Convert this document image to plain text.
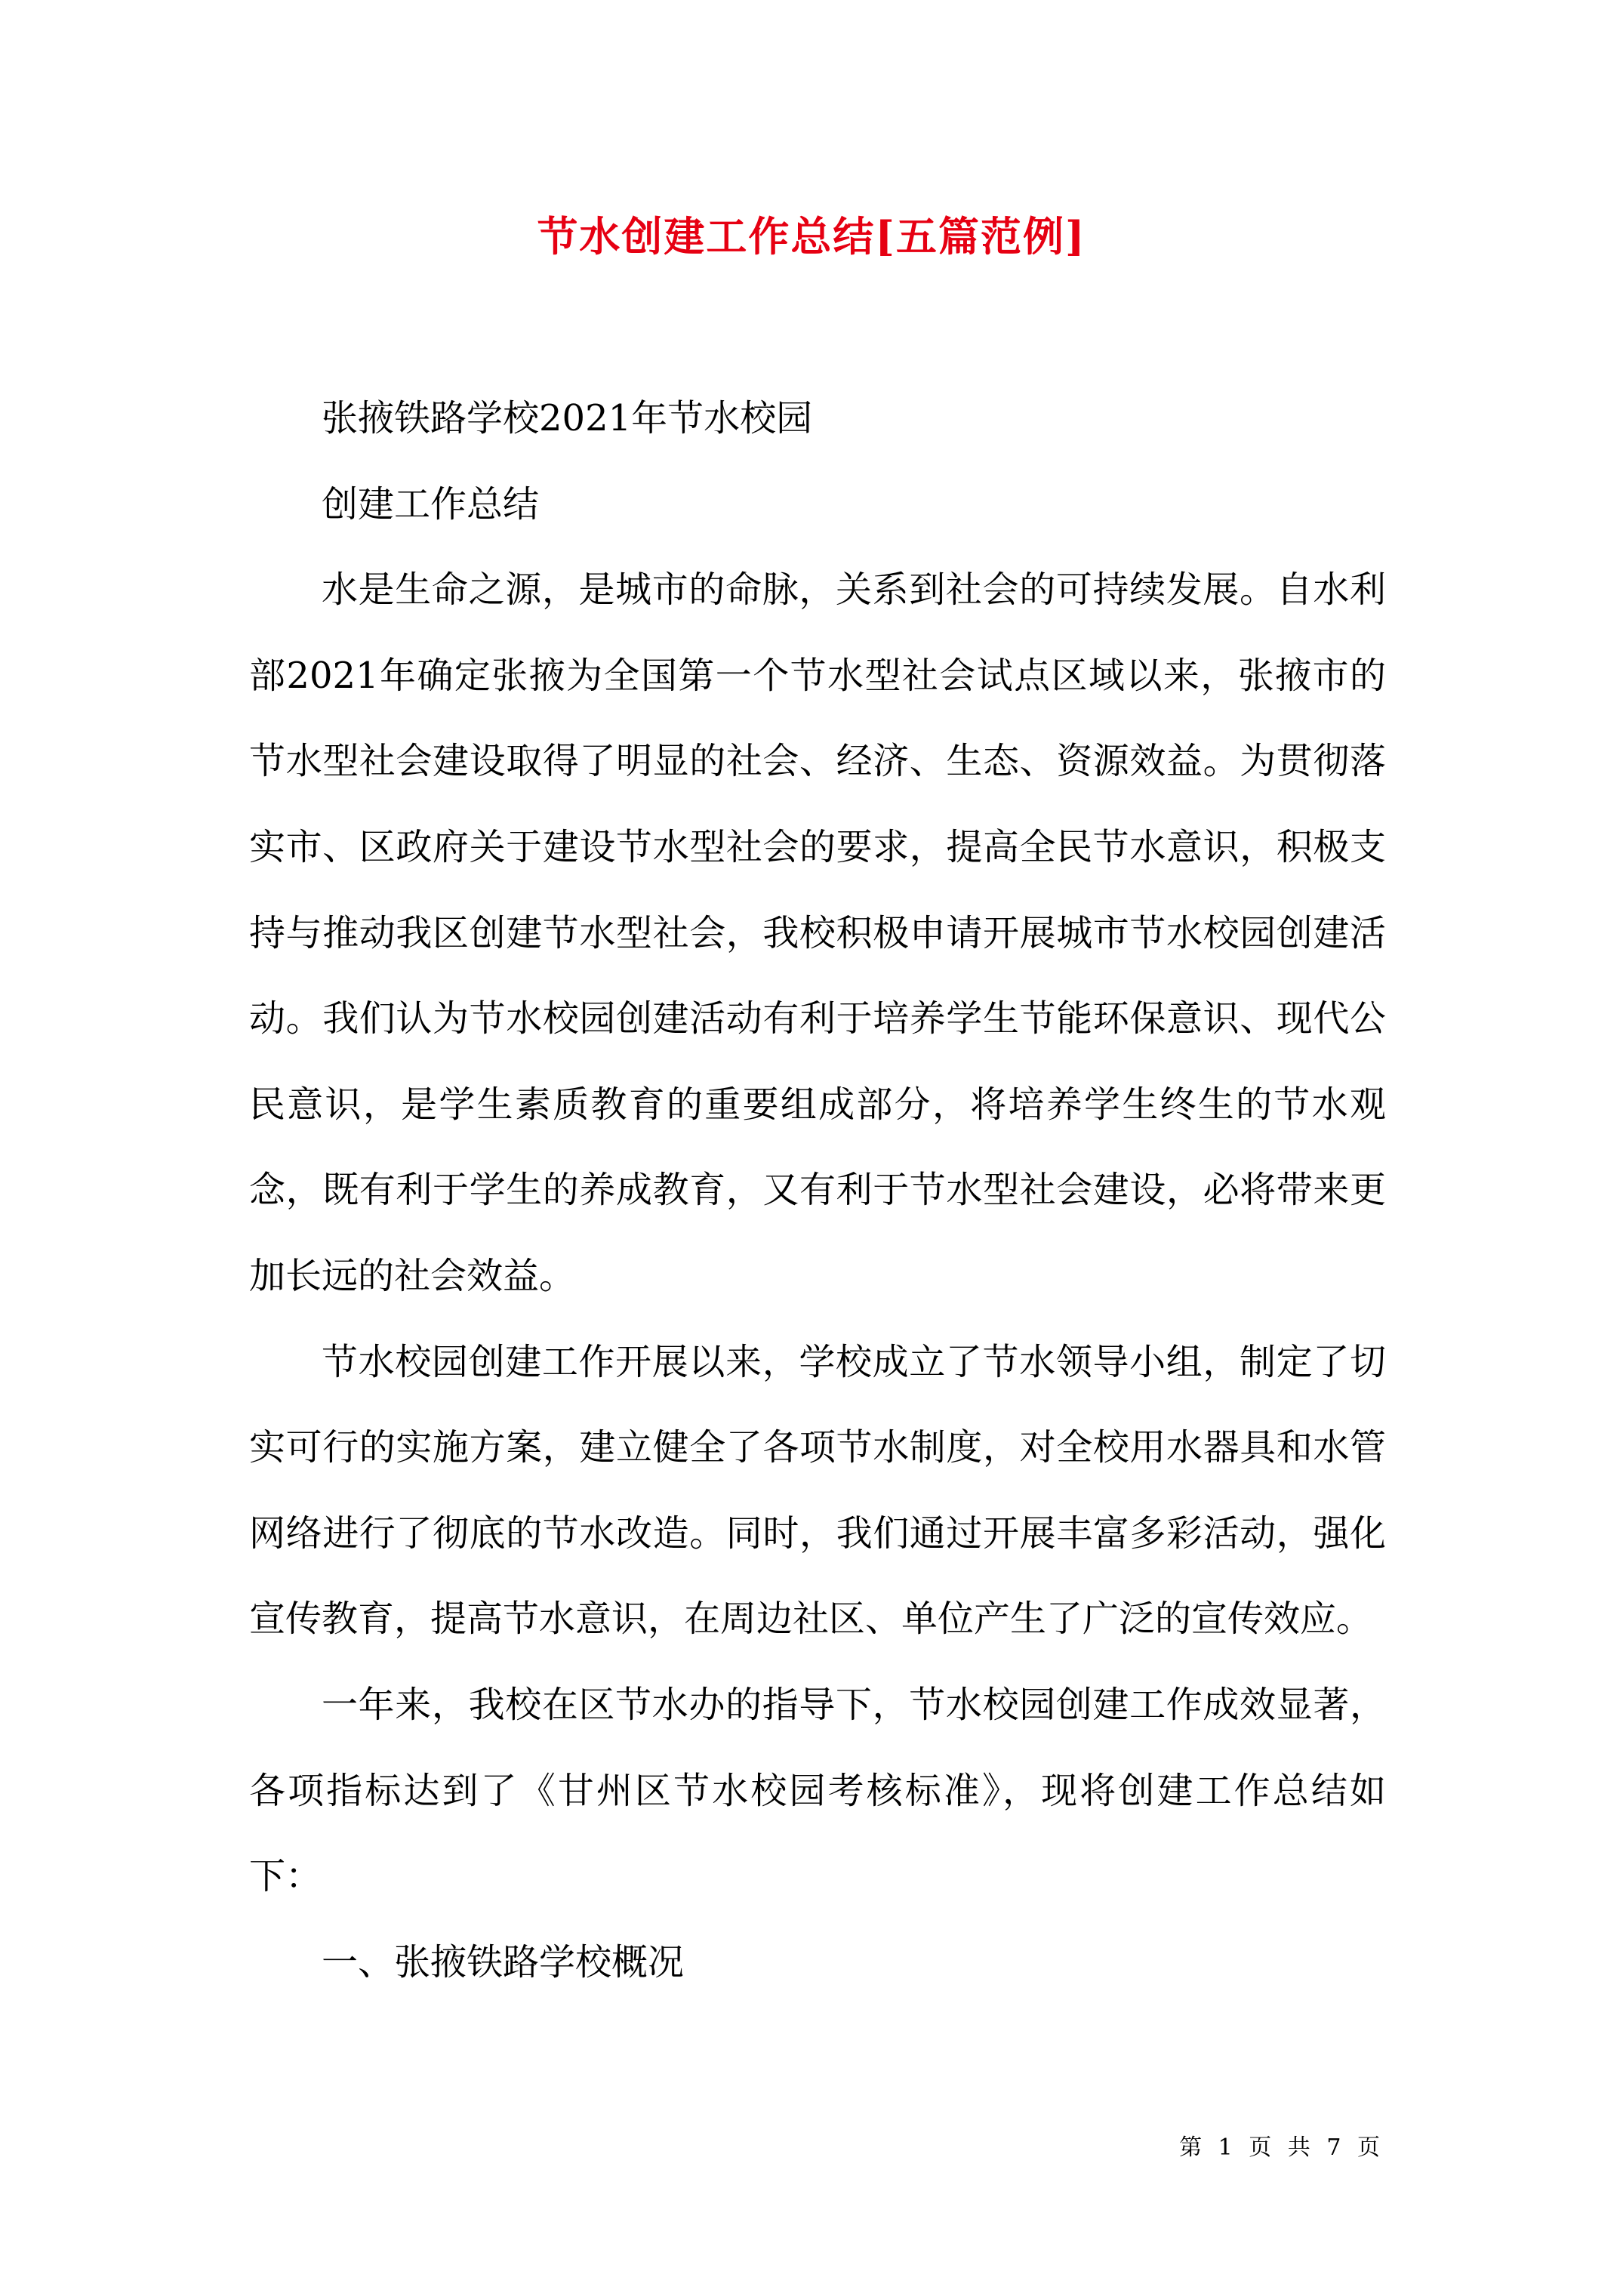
节水创建工作总结[五篇范例]

张掖铁路学校2021年节水校园

创建工作总结

水是生命之源，是城市的命脉，关系到社会的可持续发展。自水利部2021年确定张掖为全国第一个节水型社会试点区域以来，张掖市的节水型社会建设取得了明显的社会、经济、生态、资源效益。为贯彻落实市、区政府关于建设节水型社会的要求，提高全民节水意识，积极支持与推动我区创建节水型社会，我校积极申请开展城市节水校园创建活动。我们认为节水校园创建活动有利于培养学生节能环保意识、现代公民意识，是学生素质教育的重要组成部分，将培养学生终生的节水观念，既有利于学生的养成教育，又有利于节水型社会建设，必将带来更加长远的社会效益。

节水校园创建工作开展以来，学校成立了节水领导小组，制定了切实可行的实施方案，建立健全了各项节水制度，对全校用水器具和水管网络进行了彻底的节水改造。同时，我们通过开展丰富多彩活动，强化宣传教育，提高节水意识，在周边社区、单位产生了广泛的宣传效应。

一年来，我校在区节水办的指导下，节水校园创建工作成效显著，各项指标达到了《甘州区节水校园考核标准》，现将创建工作总结如下：

一、张掖铁路学校概况

第 1 页 共 7 页
